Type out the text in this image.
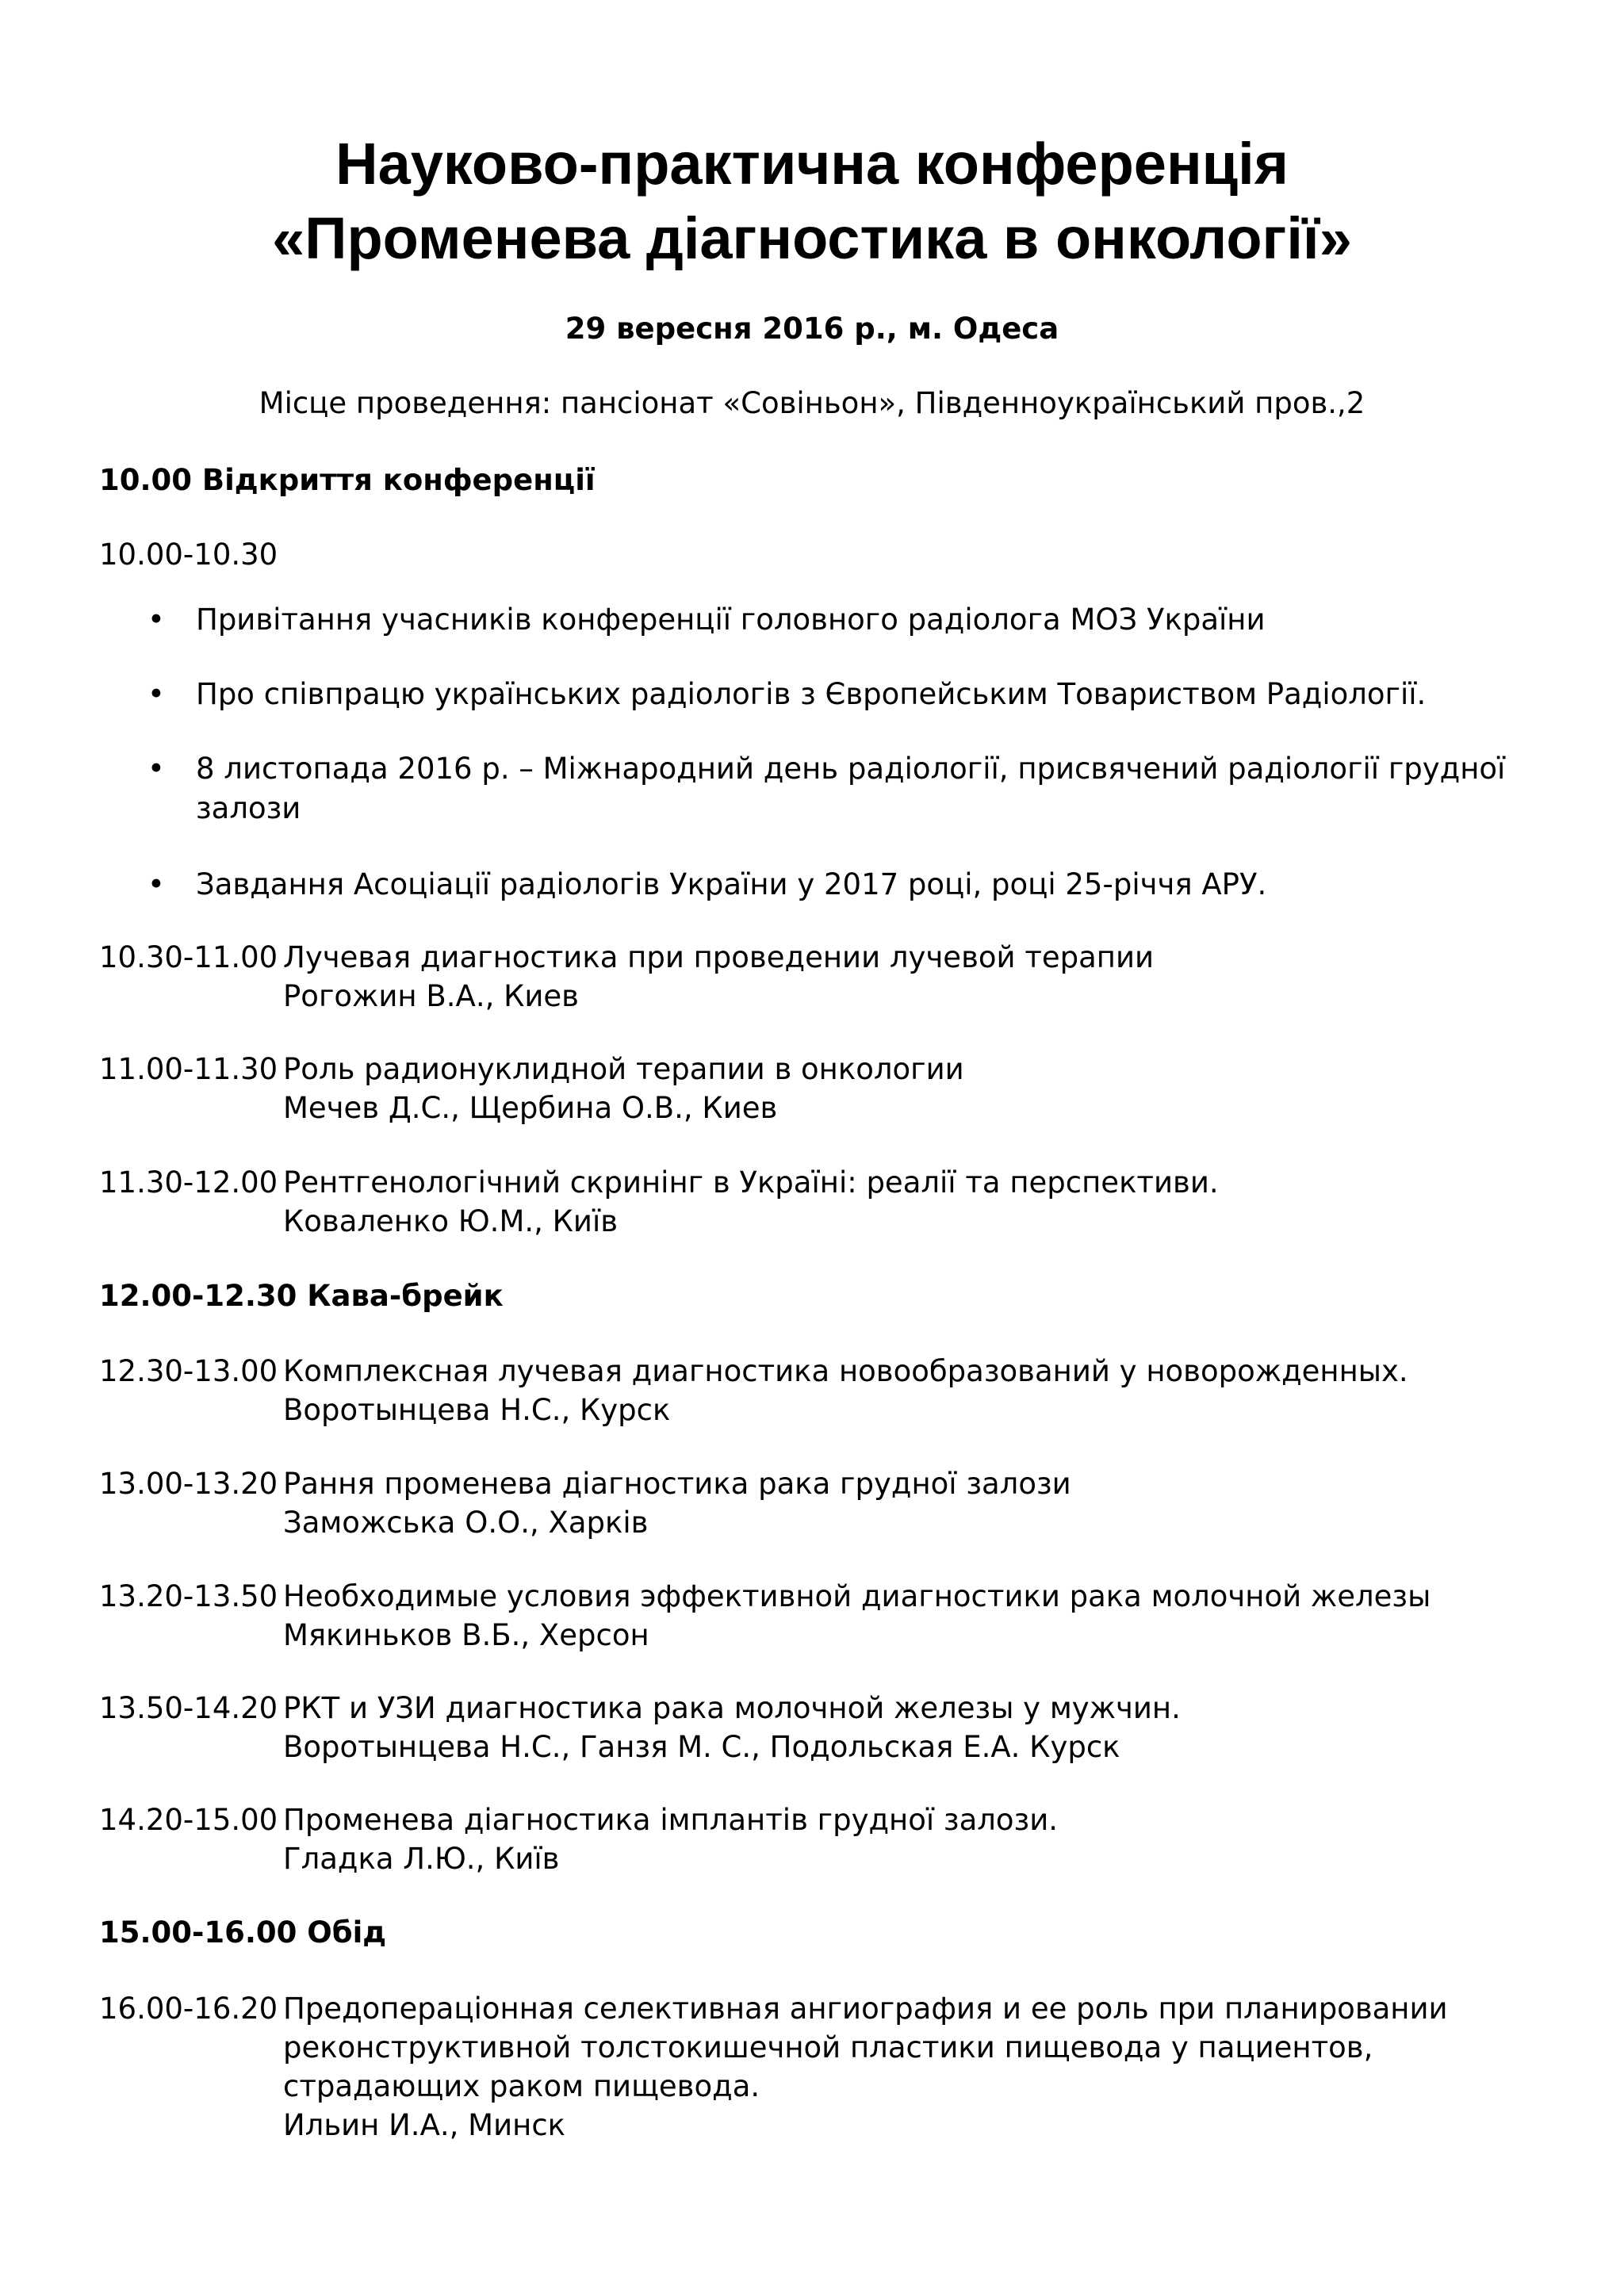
Науково-практична конференція
«Променева діагностика в онкології»
29 вересня 2016 р., м. Одеса
Місце проведення: пансіонат «Совіньон», Південноукраїнський пров.,2
10.00 Відкриття конференції
10.00-10.30
• Привітання учасників конференції головного радіолога МОЗ України
• Про співпрацю українських радіологів з Європейським Товариством Радіології.
• 8 листопада 2016 р. – Міжнародний день радіології, присвячений радіології грудної залози
• Завдання Асоціації радіологів України у 2017 році, році 25-річчя АРУ.
10.30-11.00 Лучевая диагностика при проведении лучевой терапии
Рогожин В.А., Киев
11.00-11.30 Роль радионуклидной терапии в онкологии
Мечев Д.С., Щербина О.В., Киев
11.30-12.00 Рентгенологічний скринінг в Україні: реалії та перспективи.
Коваленко Ю.М., Київ
12.00-12.30 Кава-брейк
12.30-13.00 Комплексная лучевая диагностика новообразований у новорожденных.
Воротынцева Н.С., Курск
13.00-13.20 Рання променева діагностика рака грудної залози
Заможська О.О., Харків
13.20-13.50 Необходимые условия эффективной диагностики рака молочной железы
Мякиньков В.Б., Херсон
13.50-14.20 РКТ и УЗИ диагностика рака молочной железы у мужчин.
Воротынцева Н.С., Ганзя М. С., Подольская Е.А. Курск
14.20-15.00 Променева діагностика імплантів грудної залози.
Гладка Л.Ю., Київ
15.00-16.00 Обід
16.00-16.20 Предопераціонная селективная ангиография и ее роль при планировании
реконструктивной толстокишечной пластики пищевода у пациентов,
страдающих раком пищевода.
Ильин И.А., Минск
